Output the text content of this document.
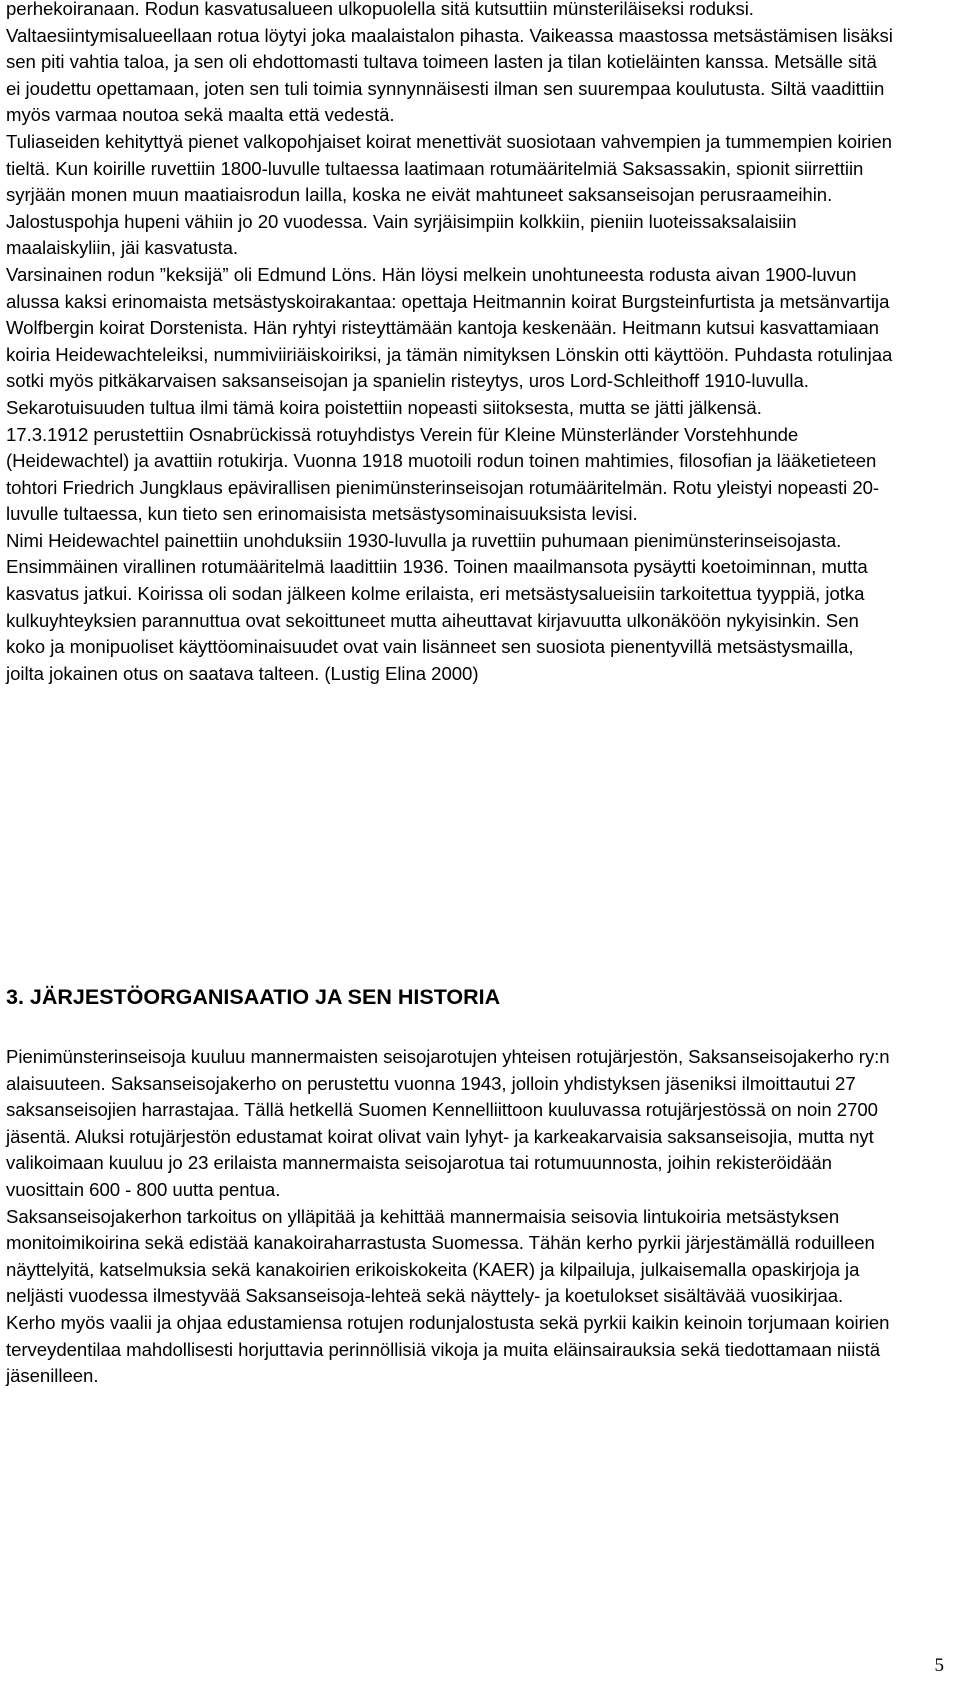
perhekoiranaan. Rodun kasvatusalueen ulkopuolella sitä kutsuttiin münsteriläiseksi roduksi.

Valtaesiintymisalueellaan rotua löytyi joka maalaistalon pihasta. Vaikeassa maastossa metsästämisen lisäksi sen piti vahtia taloa, ja sen oli ehdottomasti tultava toimeen lasten ja tilan kotieläinten kanssa. Metsälle sitä ei joudettu opettamaan, joten sen tuli toimia synnynnäisesti ilman sen suurempaa koulutusta. Siltä vaadittiin myös varmaa noutoa sekä maalta että vedestä.

Tuliaseiden kehityttyä pienet valkopohjaiset koirat menettivät suosiotaan vahvempien ja tummempien koirien tieltä. Kun koirille ruvettiin 1800-luvulle tultaessa laatimaan rotumääritelmiä Saksassakin, spionit siirrettiin syrjään monen muun maatiaisrodun lailla, koska ne eivät mahtuneet saksanseisojan perusraameihin. Jalostuspohja hupeni vähiin jo 20 vuodessa. Vain syrjäisimpiin kolkkiin, pieniin luoteissaksalaisiin maalaiskyliin, jäi kasvatusta.

Varsinainen rodun ”keksijä” oli Edmund Löns. Hän löysi melkein unohtuneesta rodusta aivan 1900-luvun alussa kaksi erinomaista metsästyskoirakantaa: opettaja Heitmannin koirat Burgsteinfurtista ja metsänvartija Wolfbergin koirat Dorstenista. Hän ryhtyi risteyttämään kantoja keskenään. Heitmann kutsui kasvattamiaan koiria Heidewachteleiksi, nummiviiriäiskoiriksi, ja tämän nimityksen Lönskin otti käyttöön. Puhdasta rotulinjaa sotki myös pitkäkarvaisen saksanseisojan ja spanielin risteytys, uros Lord-Schleithoff 1910-luvulla. Sekarotuisuuden tultua ilmi tämä koira poistettiin nopeasti siitoksesta, mutta se jätti jälkensä.

17.3.1912 perustettiin Osnabrückissä rotuyhdistys Verein für Kleine Münsterländer Vorstehhunde (Heidewachtel) ja avattiin rotukirja. Vuonna 1918 muotoili rodun toinen mahtimies, filosofian ja lääketieteen tohtori Friedrich Jungklaus epävirallisen pienimünsterinseisojan rotumääritelmän. Rotu yleistyi nopeasti 20-luvulle tultaessa, kun tieto sen erinomaisista metsästysominaisuuksista levisi.

Nimi Heidewachtel painettiin unohduksiin 1930-luvulla ja ruvettiin puhumaan pienimünsterinseisojasta. Ensimmäinen virallinen rotumääritelmä laadittiin 1936. Toinen maailmansota pysäytti koetoiminnan, mutta kasvatus jatkui. Koirissa oli sodan jälkeen kolme erilaista, eri metsästysalueisiin tarkoitettua tyyppiä, jotka kulkuyhteyksien parannuttua ovat sekoittuneet mutta aiheuttavat kirjavuutta ulkonäköön nykyisinkin. Sen koko ja monipuoliset käyttöominaisuudet ovat vain lisänneet sen suosiota pienentyvillä metsästysmailla, joilta jokainen otus on saatava talteen. (Lustig Elina 2000)

3. JÄRJESTÖORGANISAATIO JA SEN HISTORIA

Pienimünsterinseisoja kuuluu mannermaisten seisojarotujen yhteisen rotujärjestön, Saksanseisojakerho ry:n alaisuuteen. Saksanseisojakerho on perustettu vuonna 1943, jolloin yhdistyksen jäseniksi ilmoittautui 27 saksanseisojien harrastajaa. Tällä hetkellä Suomen Kennelliittoon kuuluvassa rotujärjestössä on noin 2700 jäsentä. Aluksi rotujärjestön edustamat koirat olivat vain lyhyt- ja karkeakarvaisia saksanseisojia, mutta nyt valikoimaan kuuluu jo 23 erilaista mannermaista seisojarotua tai rotumuunnosta, joihin rekisteröidään vuosittain 600 - 800 uutta pentua.

Saksanseisojakerhon tarkoitus on ylläpitää ja kehittää mannermaisia seisovia lintukoiria metsästyksen monitoimikoirina sekä edistää kanakoiraharrastusta Suomessa. Tähän kerho pyrkii järjestämällä roduilleen näyttelyitä, katselmuksia sekä kanakoirien erikoiskokeita (KAER) ja kilpailuja, julkaisemalla opaskirjoja ja neljästi vuodessa ilmestyvää Saksanseisoja-lehteä sekä näyttely- ja koetulokset sisältävää vuosikirjaa. Kerho myös vaalii ja ohjaa edustamiensa rotujen rodunjalostusta sekä pyrkii kaikin keinoin torjumaan koirien terveydentilaa mahdollisesti horjuttavia perinnöllisiä vikoja ja muita eläinsairauksia sekä tiedottamaan niistä jäsenilleen.

5
